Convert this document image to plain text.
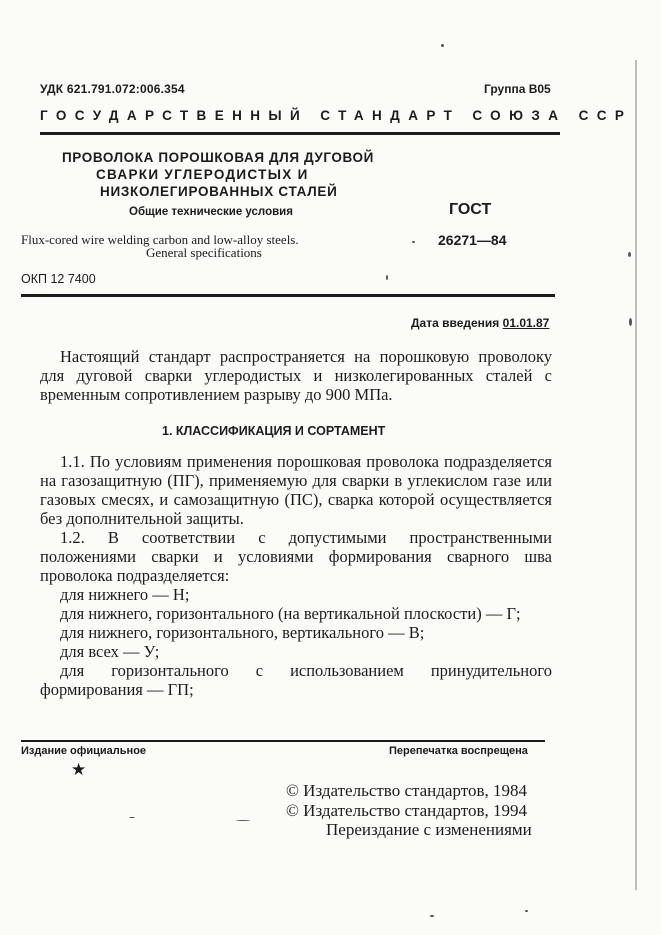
УДК 621.791.072:006.354	Группа В05
ГОСУДАРСТВЕННЫЙ СТАНДАРТ СОЮЗА ССР
ПРОВОЛОКА ПОРОШКОВАЯ ДЛЯ ДУГОВОЙ
СВАРКИ УГЛЕРОДИСТЫХ И
НИЗКОЛЕГИРОВАННЫХ СТАЛЕЙ
Общие технические условия
Flux-cored wire welding carbon and low-alloy steels.
General specifications
ГОСТ
26271—84
ОКП 12 7400
Дата введения 01.01.87

Настоящий стандарт распространяется на порошковую проволоку для дуговой сварки углеродистых и низколегированных сталей с временным сопротивлением разрыву до 900 МПа.

1. КЛАССИФИКАЦИЯ И СОРТАМЕНТ

1.1. По условиям применения порошковая проволока подразделяется на газозащитную (ПГ), применяемую для сварки в углекислом газе или газовых смесях, и самозащитную (ПС), сварка которой осуществляется без дополнительной защиты.

1.2. В соответствии с допустимыми пространственными положениями сварки и условиями формирования сварного шва проволока подразделяется:

для нижнего — Н;

для нижнего, горизонтального (на вертикальной плоскости) — Г;

для нижнего, горизонтального, вертикального — В;

для всех — У;

для горизонтального с использованием принудительного формирования — ГП;

Издание официальное	Перепечатка воспрещена
★
© Издательство стандартов, 1984
© Издательство стандартов, 1994
Переиздание с изменениями
